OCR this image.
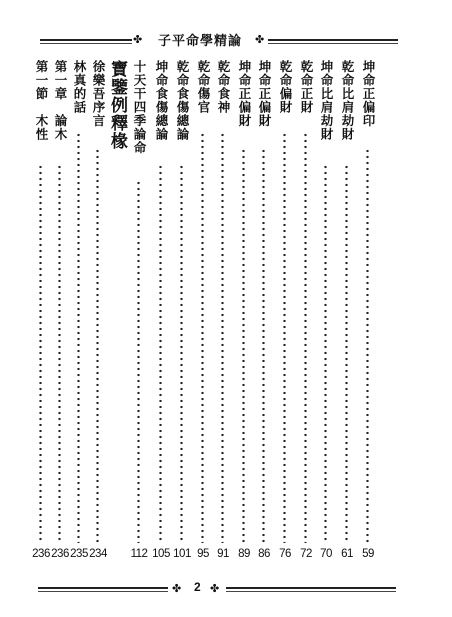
✤	子平命學精論	✤
坤命正偏印
59
乾命比肩劫財
61
坤命比肩劫財
70
乾命正財
72
乾命偏財
76
坤命正偏財
86
坤命正偏財
89
乾命食神
91
乾命傷官
95
乾命食傷總論
101
坤命食傷總論
105
十天干四季論命
112
寶鑒例釋椽
徐樂吾序言
234
林真的話
235
第一章　論木
236
第一節　木性
236
✤ 2 ✤
